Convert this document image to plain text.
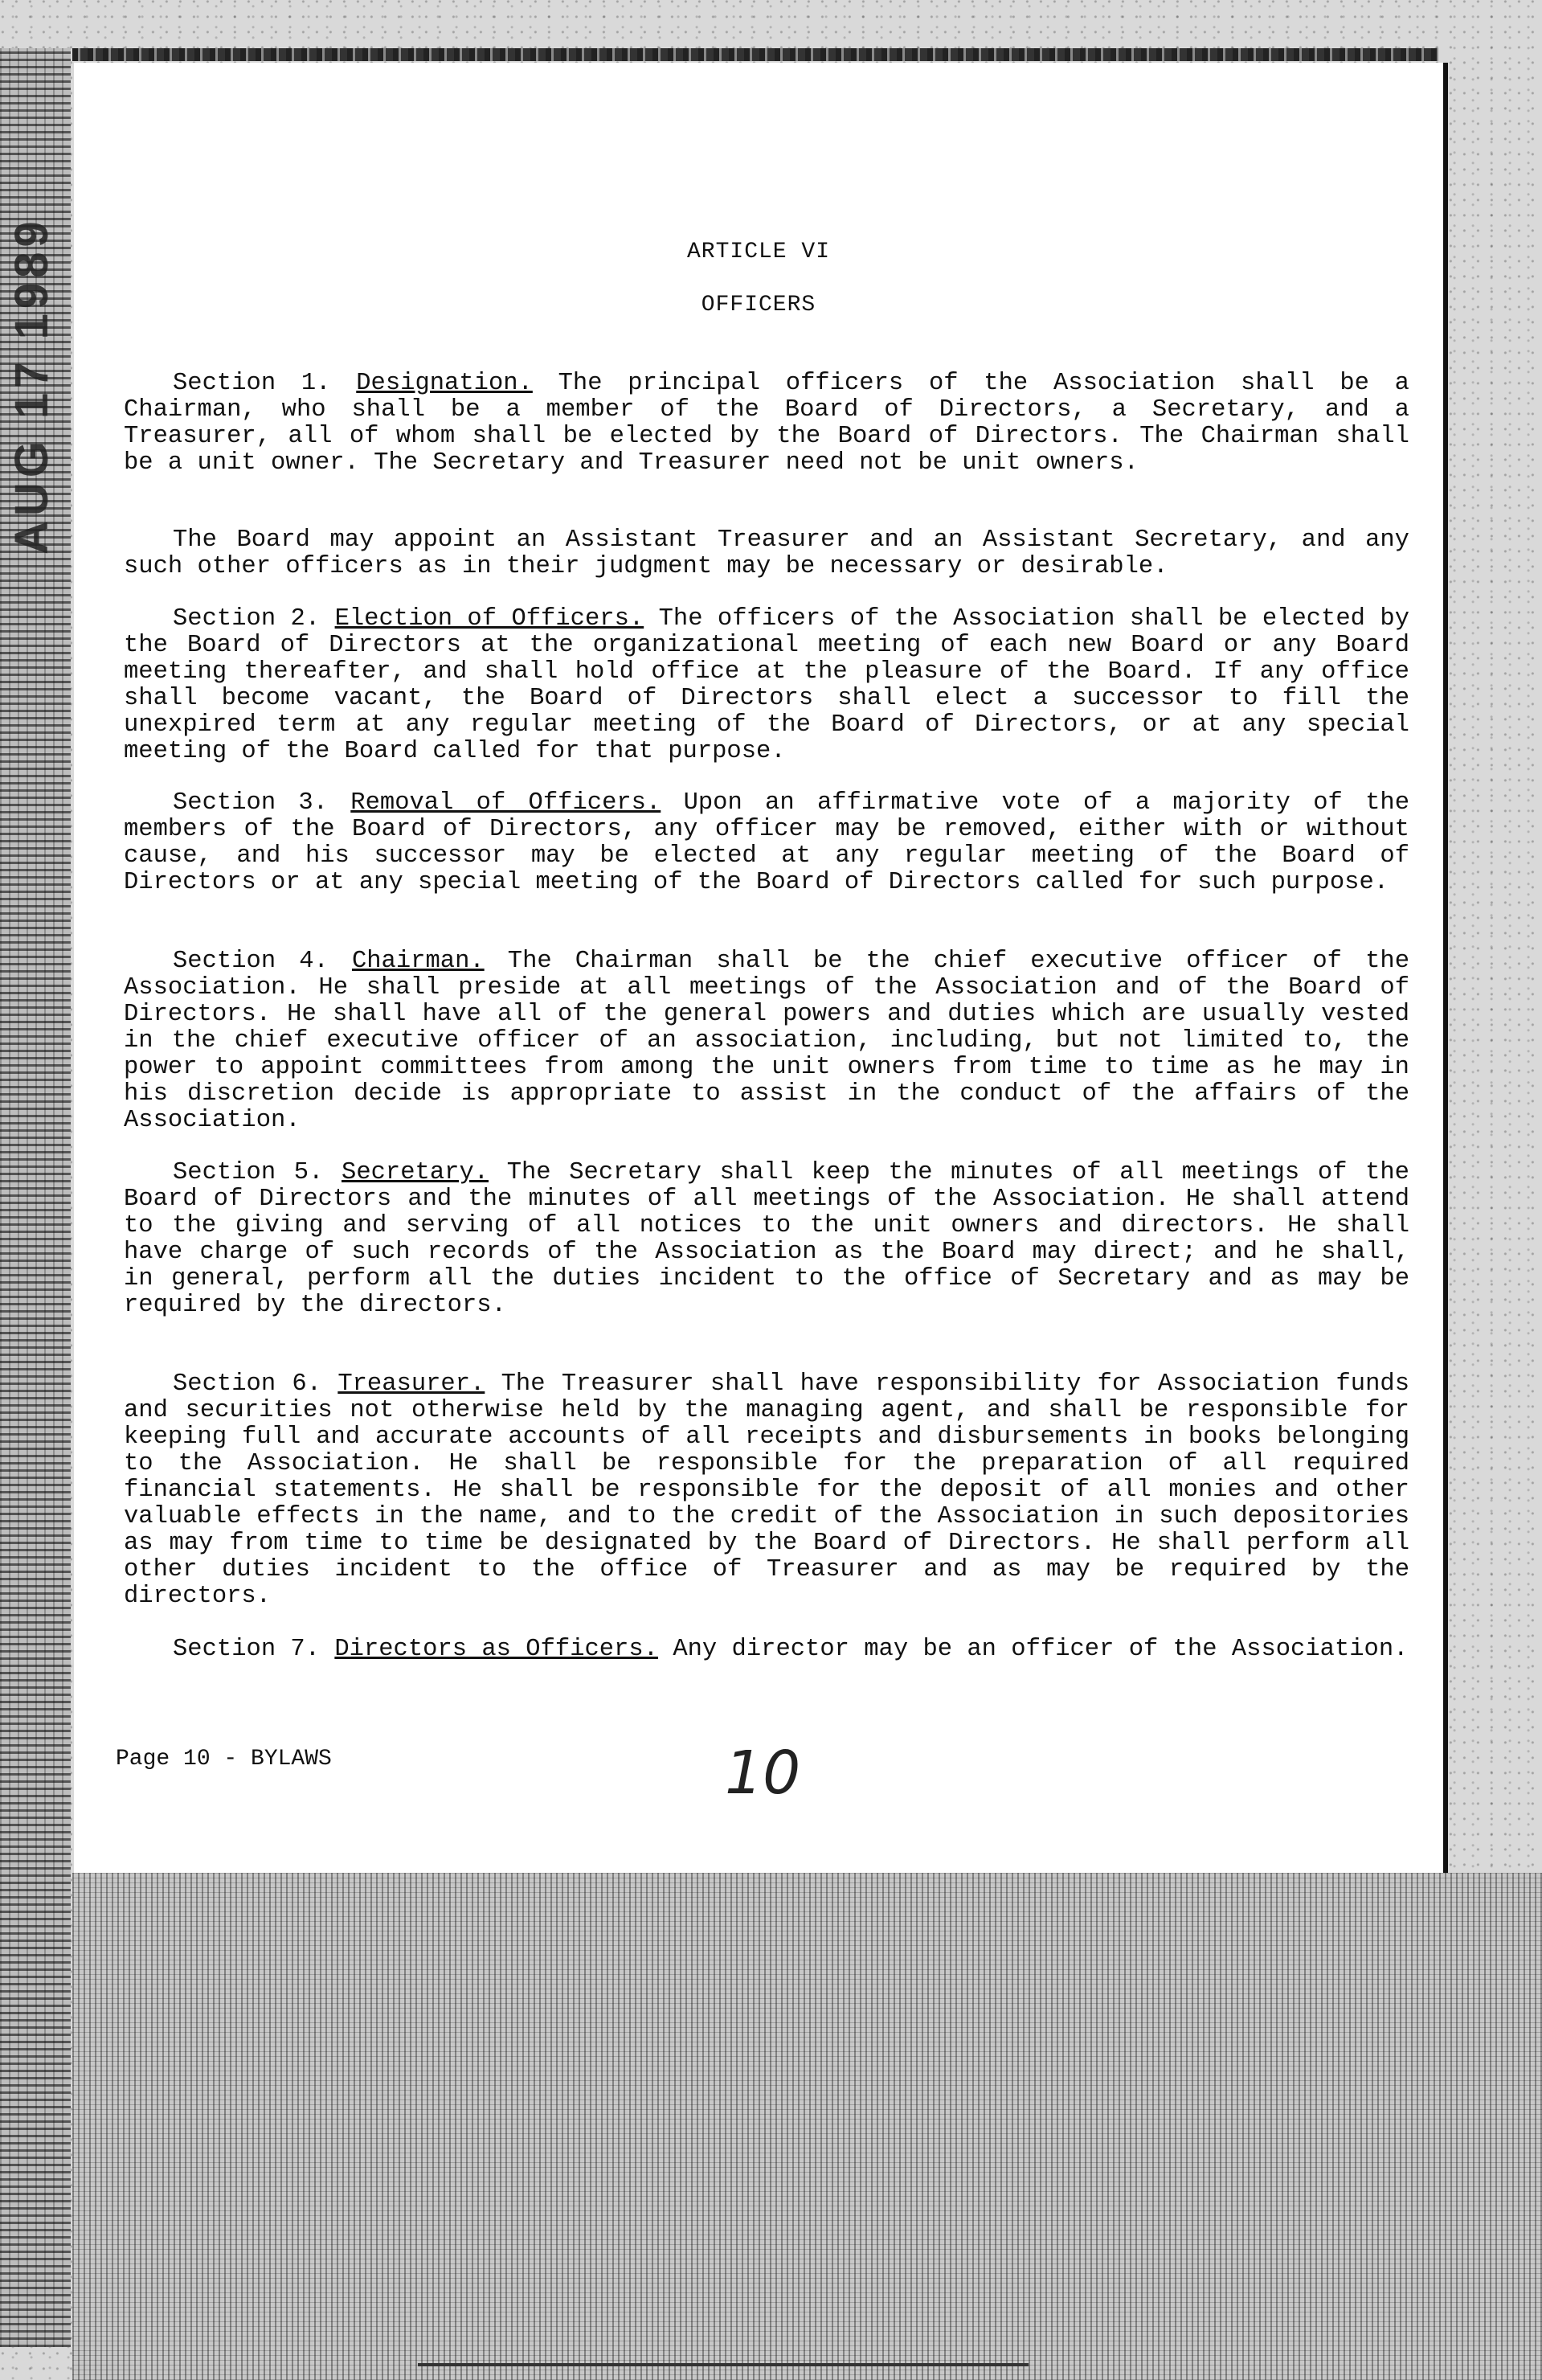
AUG 17 1989	ARTICLE VI
OFFICERS
  Section 1. Designation. The principal officers of the Association shall be a Chairman, who shall be a member of the Board of Directors, a Secretary, and a Treasurer, all of whom shall be elected by the Board of Directors. The Chairman shall be a unit owner. The Secretary and Treasurer need not be unit owners.
  The Board may appoint an Assistant Treasurer and an Assistant Secretary, and any such other officers as in their judgment may be necessary or desirable.
  Section 2. Election of Officers. The officers of the Association shall be elected by the Board of Directors at the organizational meeting of each new Board or any Board meeting thereafter, and shall hold office at the pleasure of the Board. If any office shall become vacant, the Board of Directors shall elect a successor to fill the unexpired term at any regular meeting of the Board of Directors, or at any special meeting of the Board called for that purpose.
  Section 3. Removal of Officers. Upon an affirmative vote of a majority of the members of the Board of Directors, any officer may be removed, either with or without cause, and his successor may be elected at any regular meeting of the Board of Directors or at any special meeting of the Board of Directors called for such purpose.
  Section 4. Chairman. The Chairman shall be the chief executive officer of the Association. He shall preside at all meetings of the Association and of the Board of Directors. He shall have all of the general powers and duties which are usually vested in the chief executive officer of an association, including, but not limited to, the power to appoint committees from among the unit owners from time to time as he may in his discretion decide is appropriate to assist in the conduct of the affairs of the Association.
  Section 5. Secretary. The Secretary shall keep the minutes of all meetings of the Board of Directors and the minutes of all meetings of the Association. He shall attend to the giving and serving of all notices to the unit owners and directors. He shall have charge of such records of the Association as the Board may direct; and he shall, in general, perform all the duties incident to the office of Secretary and as may be required by the directors.
  Section 6. Treasurer. The Treasurer shall have responsibility for Association funds and securities not otherwise held by the managing agent, and shall be responsible for keeping full and accurate accounts of all receipts and disbursements in books belonging to the Association. He shall be responsible for the preparation of all required financial statements. He shall be responsible for the deposit of all monies and other valuable effects in the name, and to the credit of the Association in such depositories as may from time to time be designated by the Board of Directors. He shall perform all other duties incident to the office of Treasurer and as may be required by the directors.
  Section 7. Directors as Officers. Any director may be an officer of the Association.
Page 10 - BYLAWS	10
